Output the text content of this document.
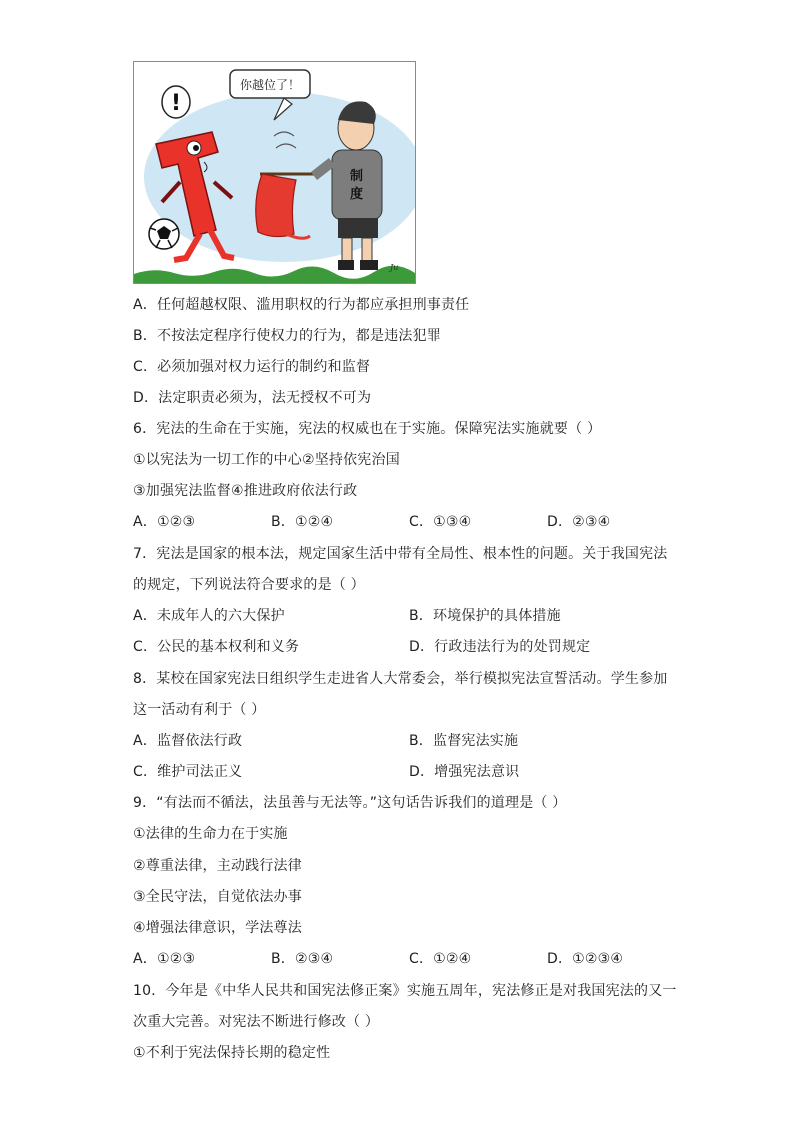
你越位了！
!
制
度
Ju
A．任何超越权限、滥用职权的行为都应承担刑事责任
B．不按法定程序行使权力的行为，都是违法犯罪
C．必须加强对权力运行的制约和监督
D．法定职责必须为，法无授权不可为
6．宪法的生命在于实施，宪法的权威也在于实施。保障宪法实施就要（ ）
①以宪法为一切工作的中心②坚持依宪治国
③加强宪法监督④推进政府依法行政
A．①②③	B．①②④	C．①③④	D．②③④
7．宪法是国家的根本法，规定国家生活中带有全局性、根本性的问题。关于我国宪法
的规定，下列说法符合要求的是（ ）
A．未成年人的六大保护	B．环境保护的具体措施
C．公民的基本权利和义务	D．行政违法行为的处罚规定
8．某校在国家宪法日组织学生走进省人大常委会，举行模拟宪法宣誓活动。学生参加
这一活动有利于（ ）
A．监督依法行政	B．监督宪法实施
C．维护司法正义	D．增强宪法意识
9．“有法而不循法，法虽善与无法等。”这句话告诉我们的道理是（ ）
①法律的生命力在于实施
②尊重法律，主动践行法律
③全民守法，自觉依法办事
④增强法律意识，学法尊法
A．①②③	B．②③④	C．①②④	D．①②③④
10．今年是《中华人民共和国宪法修正案》实施五周年，宪法修正是对我国宪法的又一
次重大完善。对宪法不断进行修改（ ）
①不利于宪法保持长期的稳定性
